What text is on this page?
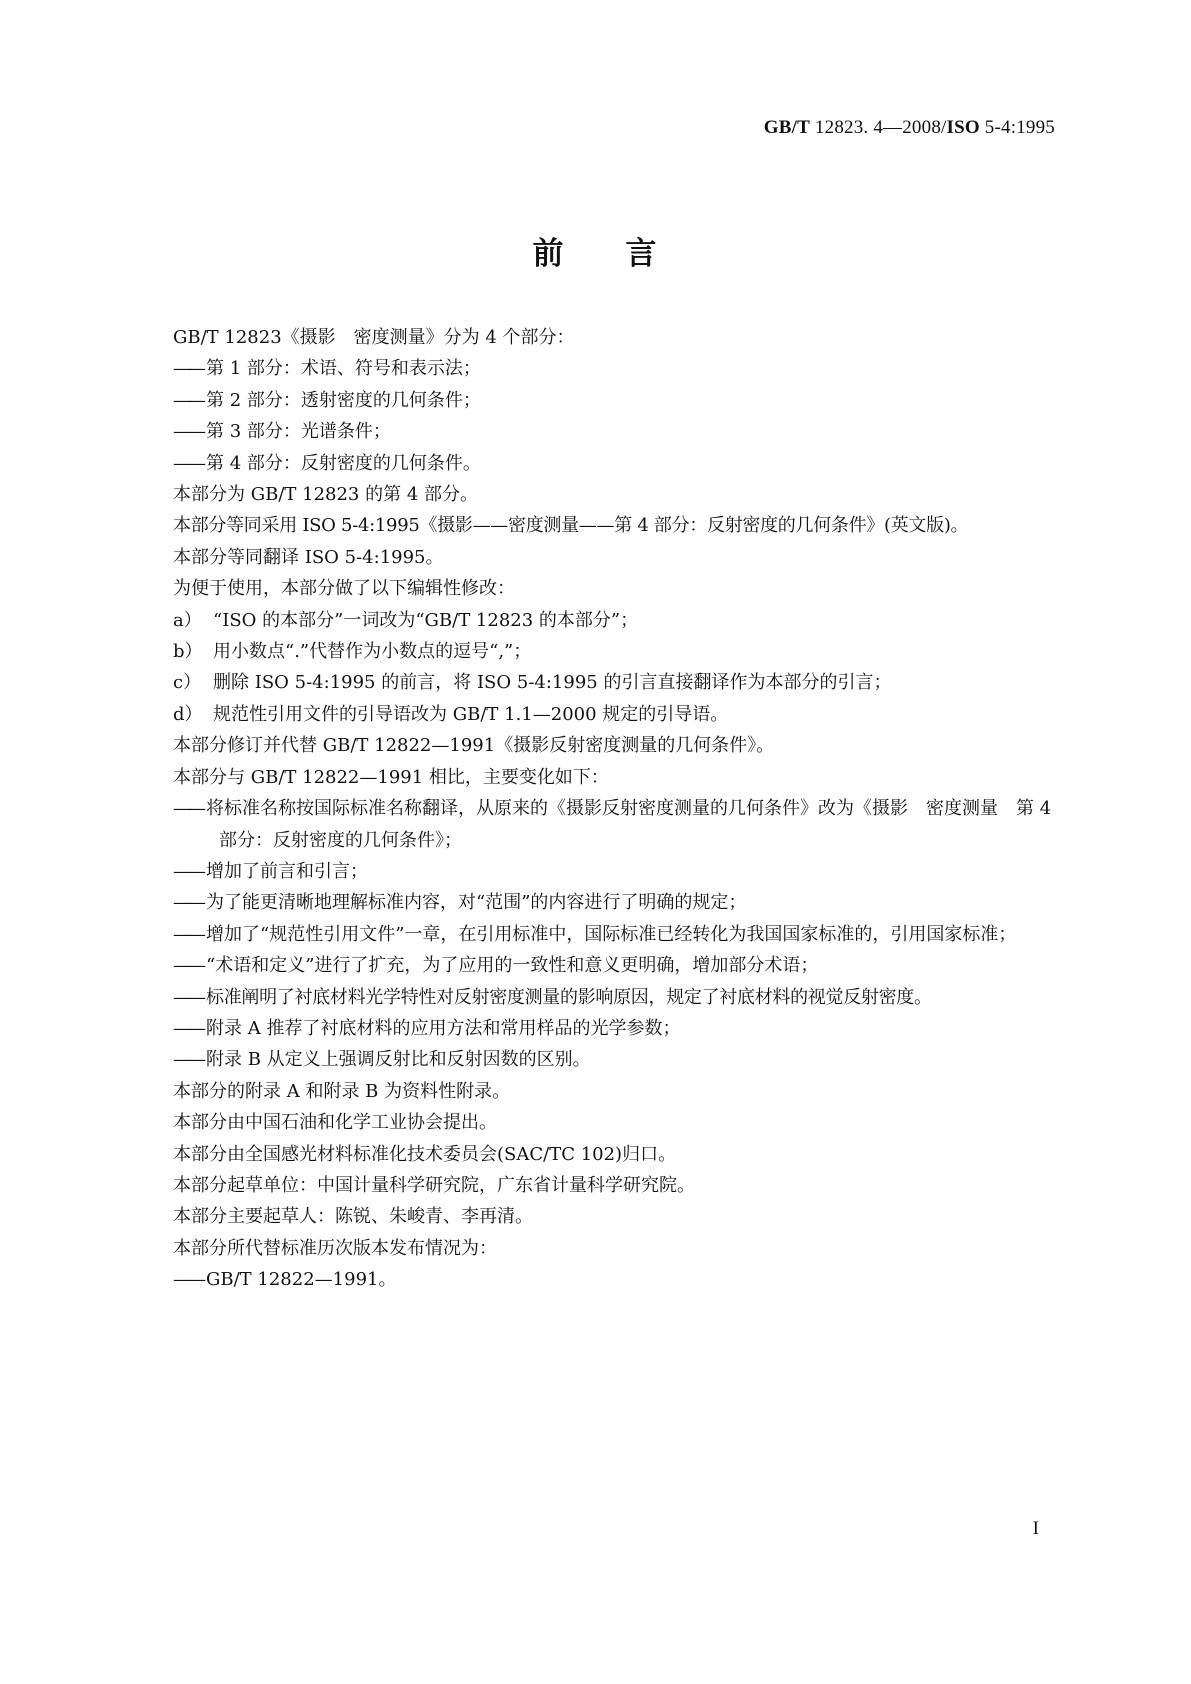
GB/T 12823. 4—2008/ISO 5-4:1995
前 言
GB/T 12823《摄影　密度测量》分为 4 个部分：
—— 第 1 部分：术语、符号和表示法；
—— 第 2 部分：透射密度的几何条件；
—— 第 3 部分：光谱条件；
—— 第 4 部分：反射密度的几何条件。
本部分为 GB/T 12823 的第 4 部分。
本部分等同采用 ISO 5-4:1995《摄影——密度测量——第 4 部分：反射密度的几何条件》(英文版)。
本部分等同翻译 ISO 5-4:1995。
为便于使用，本部分做了以下编辑性修改：
a） “ISO 的本部分”一词改为“GB/T 12823 的本部分”；
b） 用小数点“.”代替作为小数点的逗号“,”；
c） 删除 ISO 5-4:1995 的前言，将 ISO 5-4:1995 的引言直接翻译作为本部分的引言；
d） 规范性引用文件的引导语改为 GB/T 1.1—2000 规定的引导语。
本部分修订并代替 GB/T 12822—1991《摄影反射密度测量的几何条件》。
本部分与 GB/T 12822—1991 相比，主要变化如下：
—— 将标准名称按国际标准名称翻译，从原来的《摄影反射密度测量的几何条件》改为《摄影　密度测量　第 4 部分：反射密度的几何条件》；
—— 增加了前言和引言；
—— 为了能更清晰地理解标准内容，对“范围”的内容进行了明确的规定；
—— 增加了“规范性引用文件”一章，在引用标准中，国际标准已经转化为我国国家标准的，引用国家标准；
—— “术语和定义”进行了扩充，为了应用的一致性和意义更明确，增加部分术语；
—— 标准阐明了衬底材料光学特性对反射密度测量的影响原因，规定了衬底材料的视觉反射密度。
—— 附录 A 推荐了衬底材料的应用方法和常用样品的光学参数；
—— 附录 B 从定义上强调反射比和反射因数的区别。
本部分的附录 A 和附录 B 为资料性附录。
本部分由中国石油和化学工业协会提出。
本部分由全国感光材料标准化技术委员会(SAC/TC 102)归口。
本部分起草单位：中国计量科学研究院，广东省计量科学研究院。
本部分主要起草人：陈锐、朱峻青、李再清。
本部分所代替标准历次版本发布情况为：
—— GB/T 12822—1991。
I
